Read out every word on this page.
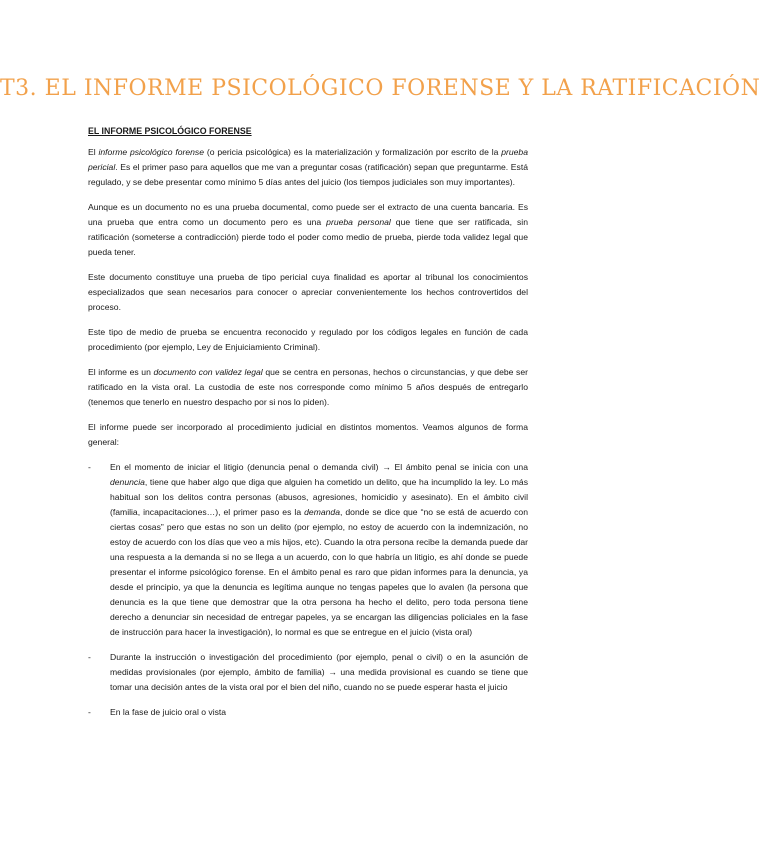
T3. EL INFORME PSICOLÓGICO FORENSE Y LA RATIFICACIÓN
EL INFORME PSICOLÓGICO FORENSE

El informe psicológico forense (o pericia psicológica) es la materialización y formalización por escrito de la prueba pericial. Es el primer paso para aquellos que me van a preguntar cosas (ratificación) sepan que preguntarme. Está regulado, y se debe presentar como mínimo 5 días antes del juicio (los tiempos judiciales son muy importantes).

Aunque es un documento no es una prueba documental, como puede ser el extracto de una cuenta bancaria. Es una prueba que entra como un documento pero es una prueba personal que tiene que ser ratificada, sin ratificación (someterse a contradicción) pierde todo el poder como medio de prueba, pierde toda validez legal que pueda tener.

Este documento constituye una prueba de tipo pericial cuya finalidad es aportar al tribunal los conocimientos especializados que sean necesarios para conocer o apreciar convenientemente los hechos controvertidos del proceso.

Este tipo de medio de prueba se encuentra reconocido y regulado por los códigos legales en función de cada procedimiento (por ejemplo, Ley de Enjuiciamiento Criminal).

El informe es un documento con validez legal que se centra en personas, hechos o circunstancias, y que debe ser ratificado en la vista oral. La custodia de este nos corresponde como mínimo 5 años después de entregarlo (tenemos que tenerlo en nuestro despacho por si nos lo piden).

El informe puede ser incorporado al procedimiento judicial en distintos momentos. Veamos algunos de forma general:

- En el momento de iniciar el litigio (denuncia penal o demanda civil) → El ámbito penal se inicia con una denuncia, tiene que haber algo que diga que alguien ha cometido un delito, que ha incumplido la ley. Lo más habitual son los delitos contra personas (abusos, agresiones, homicidio y asesinato). En el ámbito civil (familia, incapacitaciones…), el primer paso es la demanda, donde se dice que “no se está de acuerdo con ciertas cosas” pero que estas no son un delito (por ejemplo, no estoy de acuerdo con la indemnización, no estoy de acuerdo con los días que veo a mis hijos, etc). Cuando la otra persona recibe la demanda puede dar una respuesta a la demanda si no se llega a un acuerdo, con lo que habría un litigio, es ahí donde se puede presentar el informe psicológico forense. En el ámbito penal es raro que pidan informes para la denuncia, ya desde el principio, ya que la denuncia es legítima aunque no tengas papeles que lo avalen (la persona que denuncia es la que tiene que demostrar que la otra persona ha hecho el delito, pero toda persona tiene derecho a denunciar sin necesidad de entregar papeles, ya se encargan las diligencias policiales en la fase de instrucción para hacer la investigación), lo normal es que se entregue en el juicio (vista oral)
- Durante la instrucción o investigación del procedimiento (por ejemplo, penal o civil) o en la asunción de medidas provisionales (por ejemplo, ámbito de familia) → una medida provisional es cuando se tiene que tomar una decisión antes de la vista oral por el bien del niño, cuando no se puede esperar hasta el juicio
- En la fase de juicio oral o vista
